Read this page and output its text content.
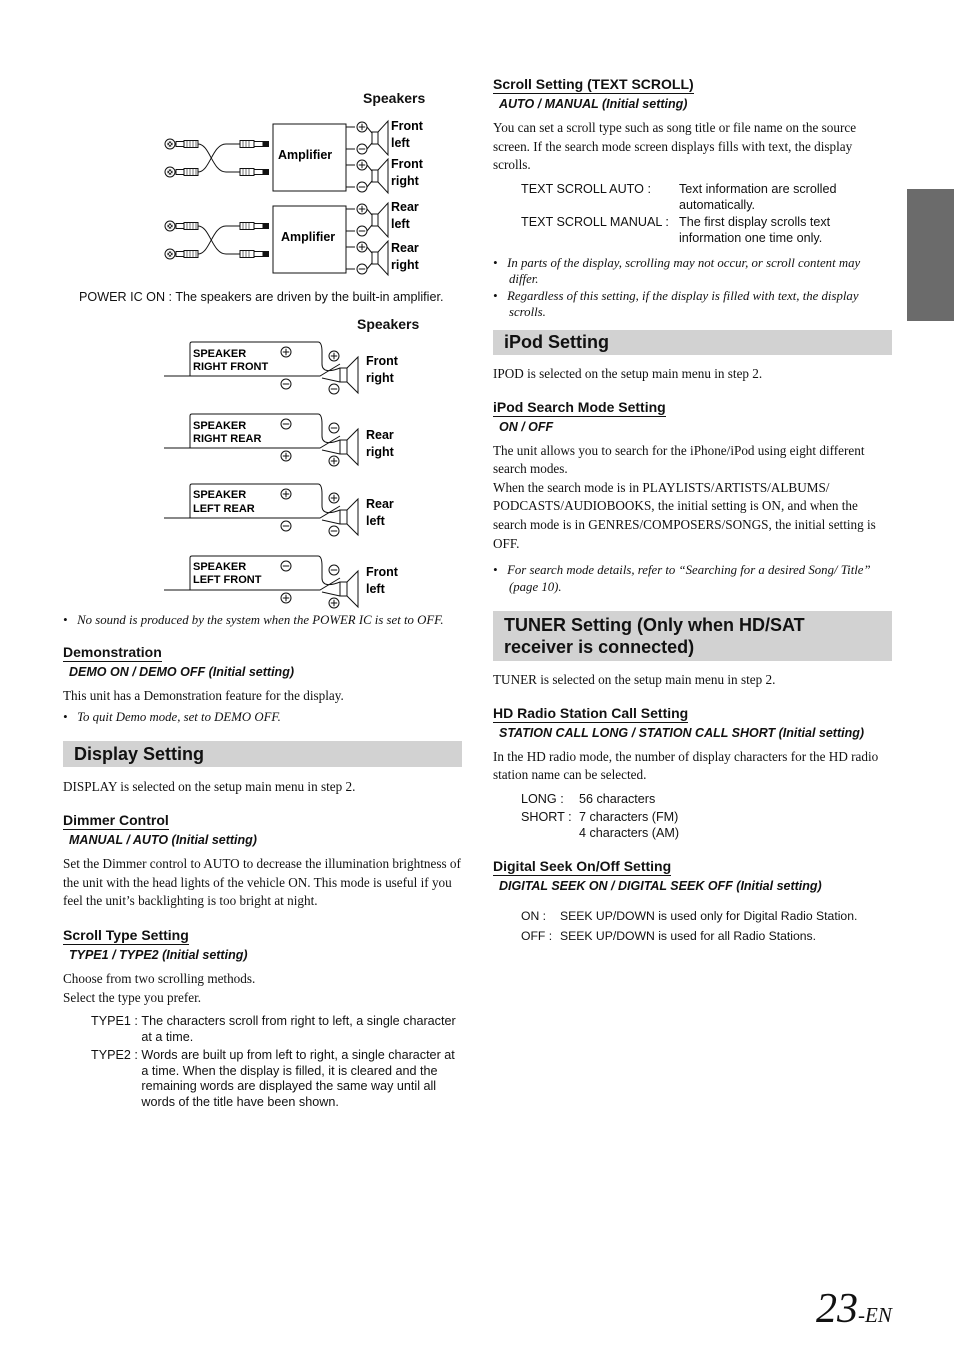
Speakers
Amplifier
Front
left
Front
right
Amplifier
Rear
left
Rear
right
POWER IC ON : The speakers are driven by the built-in amplifier.
Speakers
SPEAKER
RIGHT FRONT	Front
right
SPEAKER
RIGHT REAR	Rear
right
SPEAKER
LEFT REAR	Rear
left
SPEAKER
LEFT FRONT
Front
left
• No sound is produced by the system when the POWER IC is set to OFF.
Demonstration
DEMO ON / DEMO OFF (Initial setting)
This unit has a Demonstration feature for the display.
• To quit Demo mode, set to DEMO OFF.
Display Setting
DISPLAY is selected on the setup main menu in step 2.
Dimmer Control
MANUAL / AUTO (Initial setting)
Set the Dimmer control to AUTO to decrease the illumination brightness of the unit with the head lights of the vehicle ON. This mode is useful if you feel the unit’s backlighting is too bright at night.
Scroll Type Setting
TYPE1 / TYPE2 (Initial setting)
Choose from two scrolling methods.
Select the type you prefer.
TYPE1 : The characters scroll from right to left, a single character at a time.
TYPE2 : Words are built up from left to right, a single character at a time. When the display is filled, it is cleared and the remaining words are displayed the same way until all words of the title have been shown.
Scroll Setting (TEXT SCROLL)
AUTO / MANUAL (Initial setting)
You can set a scroll type such as song title or file name on the source screen. If the search mode screen displays fills with text, the display scrolls.
TEXT SCROLL AUTO :	Text information are scrolled automatically.
TEXT SCROLL MANUAL : The first display scrolls text information one time only.
• In parts of the display, scrolling may not occur, or scroll content may differ.
• Regardless of this setting, if the display is filled with text, the display scrolls.
iPod Setting
IPOD is selected on the setup main menu in step 2.
iPod Search Mode Setting
ON / OFF
The unit allows you to search for the iPhone/iPod using eight different search modes.
When the search mode is in PLAYLISTS/ARTISTS/ALBUMS/ PODCASTS/AUDIOBOOKS, the initial setting is ON, and when the search mode is in GENRES/COMPOSERS/SONGS, the initial setting is OFF.
• For search mode details, refer to “Searching for a desired Song/ Title” (page 10).
TUNER Setting (Only when HD/SAT
receiver is connected)
TUNER is selected on the setup main menu in step 2.
HD Radio Station Call Setting
STATION CALL LONG / STATION CALL SHORT (Initial setting)
In the HD radio mode, the number of display characters for the HD radio station name can be selected.
LONG : 56 characters
SHORT : 7 characters (FM)
4 characters (AM)
Digital Seek On/Off Setting
DIGITAL SEEK ON / DIGITAL SEEK OFF (Initial setting)
ON : SEEK UP/DOWN is used only for Digital Radio Station.
OFF : SEEK UP/DOWN is used for all Radio Stations.
23-EN
